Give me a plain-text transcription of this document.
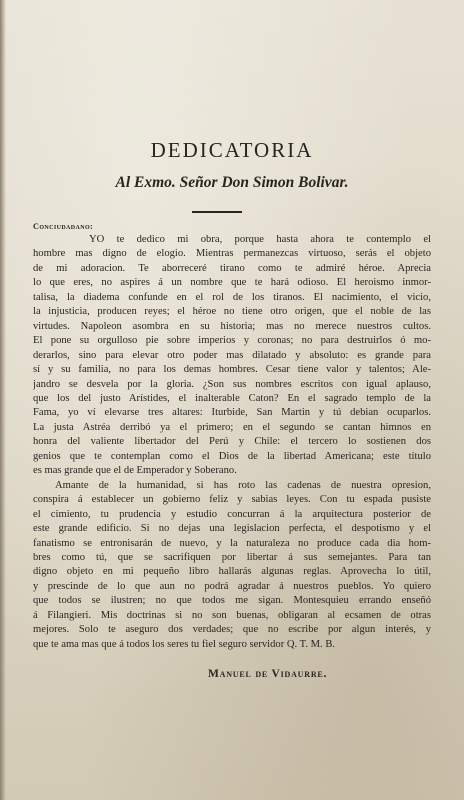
DEDICATORIA
Al Exmo. Señor Don Simon Bolivar.

Conciudadano:

YO te dedico mi obra, porque hasta ahora te contemplo el
hombre mas digno de elogio. Mientras permanezcas virtuoso, serás el objeto
de mi adoracion. Te aborreceré tirano como te admiré héroe. Aprecia
lo que eres, no aspires á un nombre que te hará odioso. El heroismo inmor-
talisa, la diadema confunde en el rol de los tiranos. El nacimiento, el vicio,
la injusticia, producen reyes; el héroe no tiene otro origen, que el noble de las
virtudes. Napoleon asombra en su historia; mas no merece nuestros cultos.
El pone su orgulloso pie sobre imperios y coronas; no para destruirlos ó mo-
derarlos, sino para elevar otro poder mas dilatado y absoluto: es grande para
sí y su familia, no para los demas hombres. Cesar tiene valor y talentos; Ale-
jandro se desvela por la gloria. ¿Son sus nombres escritos con igual aplauso,
que los del justo Arístides, el inalterable Caton? En el sagrado templo de la
Fama, yo ví elevarse tres altares: Iturbide, San Martin y tú debian ocuparlos.
La justa Astréa derribó ya el primero; en el segundo se cantan himnos en
honra del valiente libertador del Perú y Chile: el tercero lo sostienen dos
genios que te contemplan como el Dios de la libertad Americana; este título
es mas grande que el de Emperador y Soberano.
Amante de la humanidad, si has roto las cadenas de nuestra opresion,
conspira á establecer un gobierno feliz y sabias leyes. Con tu espada pusiste
el cimiento, tu prudencia y estudio concurran á la arquitectura posterior de
este grande edificio. Si no dejas una legislacion perfecta, el despotismo y el
fanatismo se entronisarán de nuevo, y la naturaleza no produce cada dia hom-
bres como tú, que se sacrifiquen por libertar á sus semejantes. Para tan
digno objeto en mi pequeño libro hallarás algunas reglas. Aprovecha lo útil,
y prescinde de lo que aun no podrá agradar á nuestros pueblos. Yo quiero
que todos se ilustren; no que todos me sigan. Montesquieu errando enseñó
á Filangieri. Mis doctrinas si no son buenas, obligaran al ecsamen de otras
mejores. Solo te aseguro dos verdades; que no escribe por algun interés, y
que te ama mas que á todos los seres tu fiel seguro servidor Q. T. M. B.
Manuel de Vidaurre.
